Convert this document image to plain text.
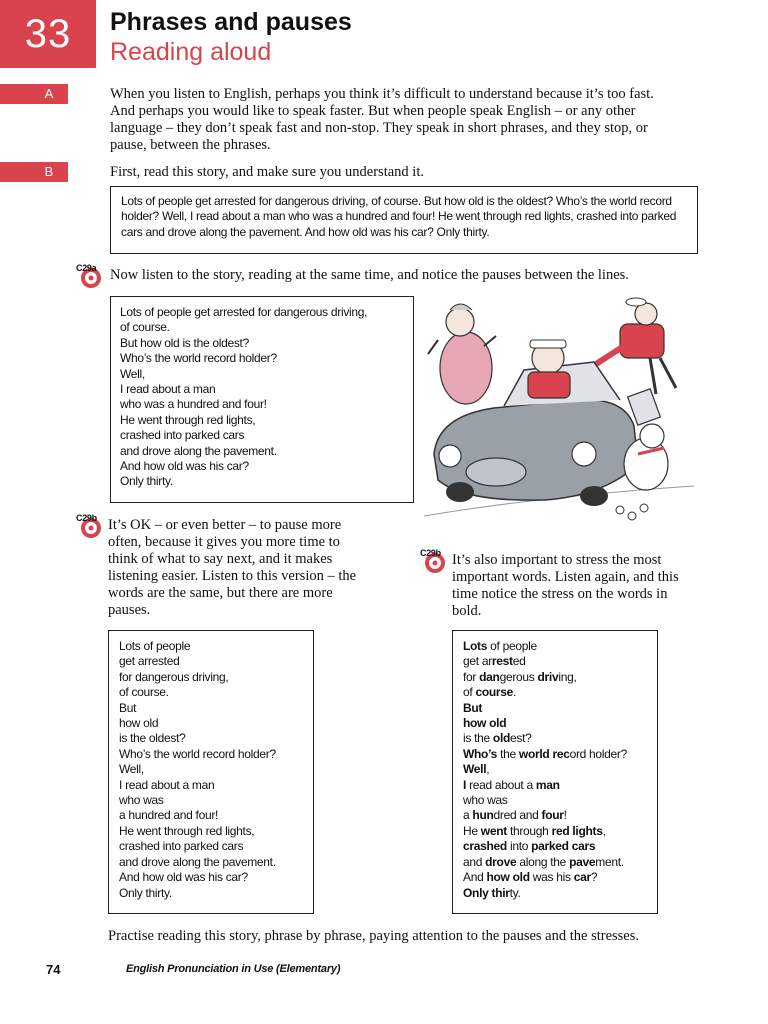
33	Phrases and pauses
Reading aloud
A	When you listen to English, perhaps you think it’s difficult to understand because it’s too fast. And perhaps you would like to speak faster. But when people speak English – or any other language – they don’t speak fast and non-stop. They speak in short phrases, and they stop, or pause, between the phrases.
B	First, read this story, and make sure you understand it.
Lots of people get arrested for dangerous driving, of course. But how old is the oldest? Who’s the world record holder? Well, I read about a man who was a hundred and four! He went through red lights, crashed into parked cars and drove along the pavement. And how old was his car? Only thirty.
C29a Now listen to the story, reading at the same time, and notice the pauses between the lines.
Lots of people get arrested for dangerous driving,
of course.
But how old is the oldest?
Who’s the world record holder?
Well,
I read about a man
who was a hundred and four!
He went through red lights,
crashed into parked cars
and drove along the pavement.
And how old was his car?
Only thirty.
C29b It’s OK – or even better – to pause more often, because it gives you more time to think of what to say next, and it makes listening easier. Listen to this version – the words are the same, but there are more pauses.
Lots of people
get arrested
for dangerous driving,
of course.
But
how old
is the oldest?
Who’s the world record holder?
Well,
I read about a man
who was
a hundred and four!
He went through red lights,
crashed into parked cars
and drove along the pavement.
And how old was his car?
Only thirty.
C29b It’s also important to stress the most important words. Listen again, and this time notice the stress on the words in bold.
Lots of people
get arrested
for dangerous driving,
of course.
But
how old
is the oldest?
Who’s the world record holder?
Well,
I read about a man
who was
a hundred and four!
He went through red lights,
crashed into parked cars
and drove along the pavement.
And how old was his car?
Only thirty.
Practise reading this story, phrase by phrase, paying attention to the pauses and the stresses.
74	English Pronunciation in Use (Elementary)
